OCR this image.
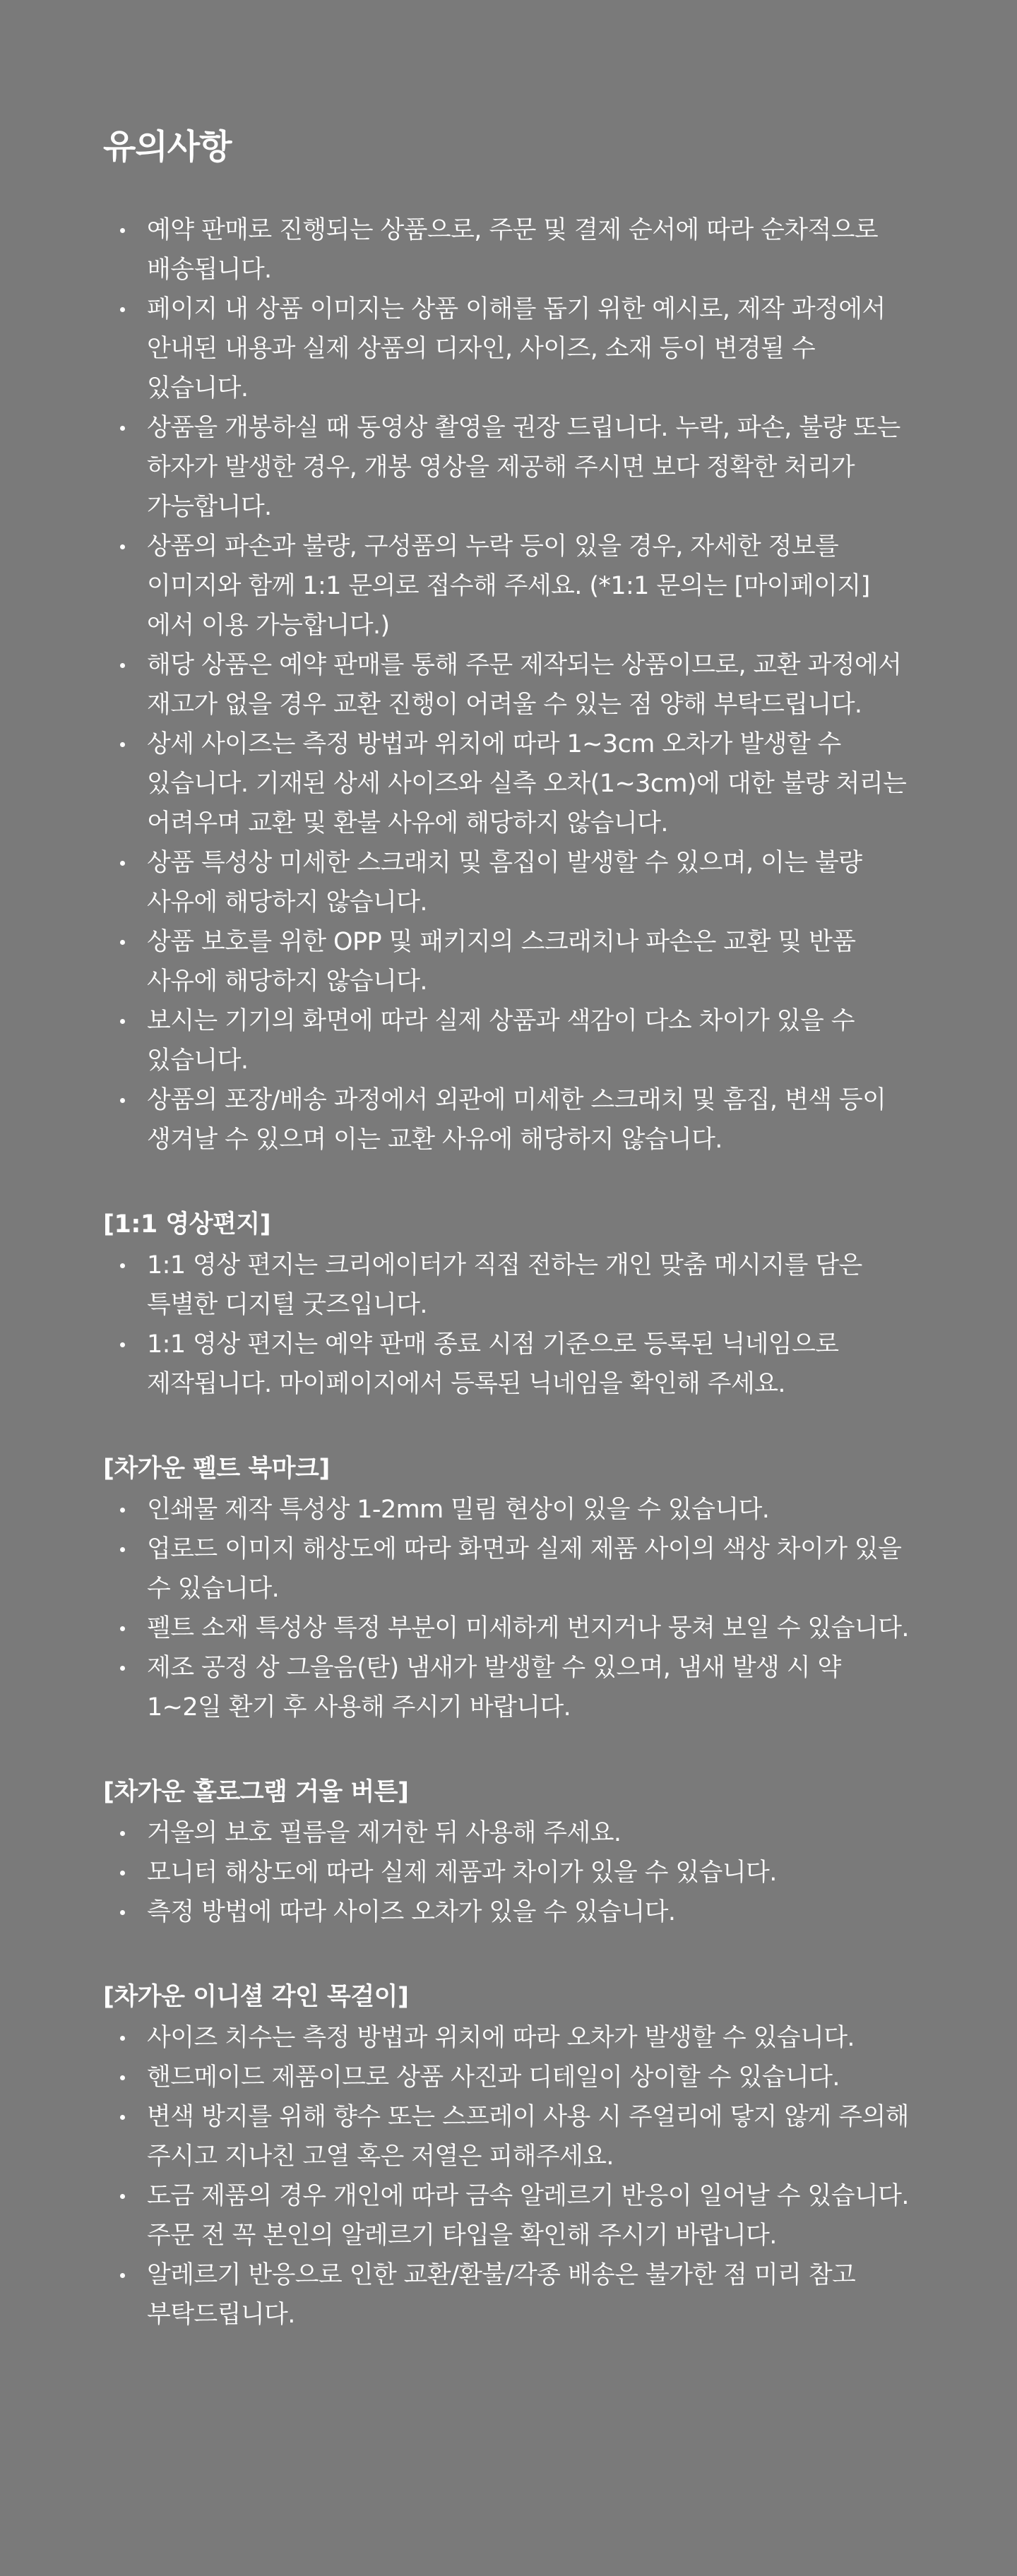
유의사항
예약 판매로 진행되는 상품으로, 주문 및 결제 순서에 따라 순차적으로 배송됩니다.
페이지 내 상품 이미지는 상품 이해를 돕기 위한 예시로, 제작 과정에서 안내된 내용과 실제 상품의 디자인, 사이즈, 소재 등이 변경될 수 있습니다.
상품을 개봉하실 때 동영상 촬영을 권장 드립니다. 누락, 파손, 불량 또는 하자가 발생한 경우, 개봉 영상을 제공해 주시면 보다 정확한 처리가 가능합니다.
상품의 파손과 불량, 구성품의 누락 등이 있을 경우, 자세한 정보를 이미지와 함께 1:1 문의로 접수해 주세요. (*1:1 문의는 [마이페이지]에서 이용 가능합니다.)
해당 상품은 예약 판매를 통해 주문 제작되는 상품이므로, 교환 과정에서 재고가 없을 경우 교환 진행이 어려울 수 있는 점 양해 부탁드립니다.
상세 사이즈는 측정 방법과 위치에 따라 1~3cm 오차가 발생할 수 있습니다. 기재된 상세 사이즈와 실측 오차(1~3cm)에 대한 불량 처리는 어려우며 교환 및 환불 사유에 해당하지 않습니다.
상품 특성상 미세한 스크래치 및 흠집이 발생할 수 있으며, 이는 불량 사유에 해당하지 않습니다.
상품 보호를 위한 OPP 및 패키지의 스크래치나 파손은 교환 및 반품 사유에 해당하지 않습니다.
보시는 기기의 화면에 따라 실제 상품과 색감이 다소 차이가 있을 수 있습니다.
상품의 포장/배송 과정에서 외관에 미세한 스크래치 및 흠집, 변색 등이 생겨날 수 있으며 이는 교환 사유에 해당하지 않습니다.
[1:1 영상편지]
1:1 영상 편지는 크리에이터가 직접 전하는 개인 맞춤 메시지를 담은 특별한 디지털 굿즈입니다.
1:1 영상 편지는 예약 판매 종료 시점 기준으로 등록된 닉네임으로 제작됩니다. 마이페이지에서 등록된 닉네임을 확인해 주세요.
[차가운 펠트 북마크]
인쇄물 제작 특성상 1-2mm 밀림 현상이 있을 수 있습니다.
업로드 이미지 해상도에 따라 화면과 실제 제품 사이의 색상 차이가 있을 수 있습니다.
펠트 소재 특성상 특정 부분이 미세하게 번지거나 뭉쳐 보일 수 있습니다.
제조 공정 상 그을음(탄) 냄새가 발생할 수 있으며, 냄새 발생 시 약 1~2일 환기 후 사용해 주시기 바랍니다.
[차가운 홀로그램 거울 버튼]
거울의 보호 필름을 제거한 뒤 사용해 주세요.
모니터 해상도에 따라 실제 제품과 차이가 있을 수 있습니다.
측정 방법에 따라 사이즈 오차가 있을 수 있습니다.
[차가운 이니셜 각인 목걸이]
사이즈 치수는 측정 방법과 위치에 따라 오차가 발생할 수 있습니다.
핸드메이드 제품이므로 상품 사진과 디테일이 상이할 수 있습니다.
변색 방지를 위해 향수 또는 스프레이 사용 시 주얼리에 닿지 않게 주의해 주시고 지나친 고열 혹은 저열은 피해주세요.
도금 제품의 경우 개인에 따라 금속 알레르기 반응이 일어날 수 있습니다. 주문 전 꼭 본인의 알레르기 타입을 확인해 주시기 바랍니다.
알레르기 반응으로 인한 교환/환불/각종 배송은 불가한 점 미리 참고 부탁드립니다.
